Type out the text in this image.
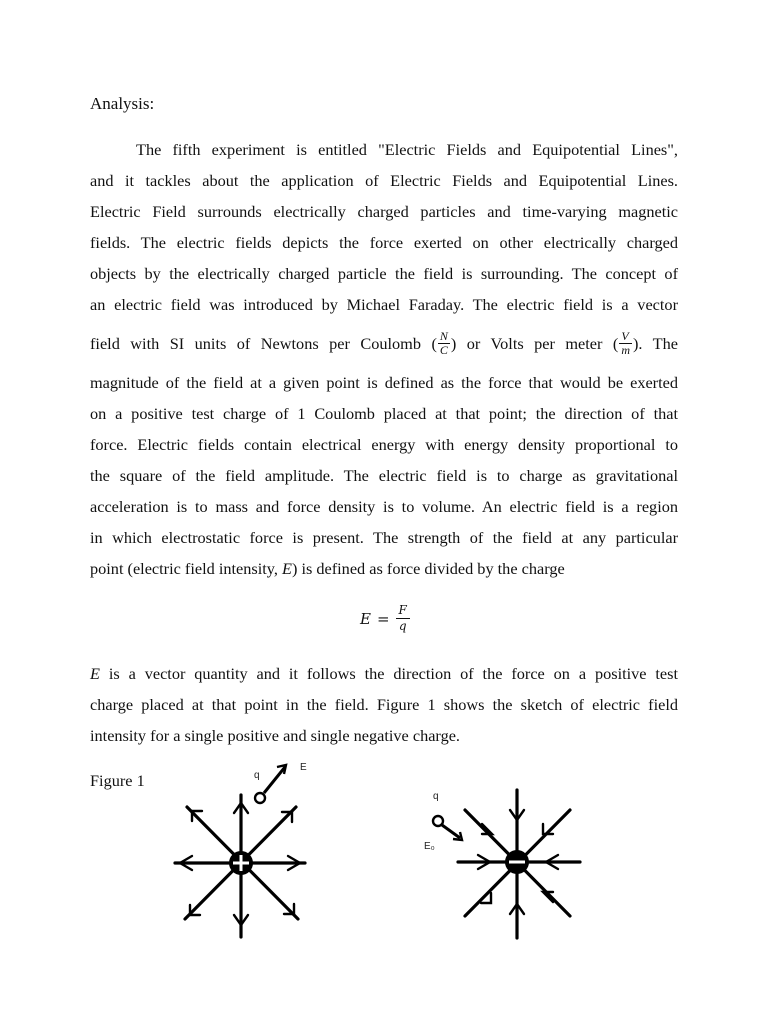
Analysis:
The fifth experiment is entitled "Electric Fields and Equipotential Lines",
and it tackles about the application of Electric Fields and Equipotential Lines.
Electric Field surrounds electrically charged particles and time-varying magnetic
fields. The electric fields depicts the force exerted on other electrically charged
objects by the electrically charged particle the field is surrounding. The concept of
an electric field was introduced by Michael Faraday. The electric field is a vector
field with SI units of Newtons per Coulomb ( $\frac{N}{C}$ ) or Volts per meter ( $\frac{V}{m}$ ). The
magnitude of the field at a given point is defined as the force that would be exerted
on a positive test charge of 1 Coulomb placed at that point; the direction of that
force. Electric fields contain electrical energy with energy density proportional to
the square of the field amplitude. The electric field is to charge as gravitational
acceleration is to mass and force density is to volume. An electric field is a region
in which electrostatic force is present. The strength of the field at any particular
point (electric field intensity, E) is defined as force divided by the charge
$E = \frac{F}{q}$
E is a vector quantity and it follows the direction of the force on a positive test
charge placed at that point in the field. Figure 1 shows the sketch of electric field
intensity for a single positive and single negative charge.
Figure 1	q
E
q
E₀
